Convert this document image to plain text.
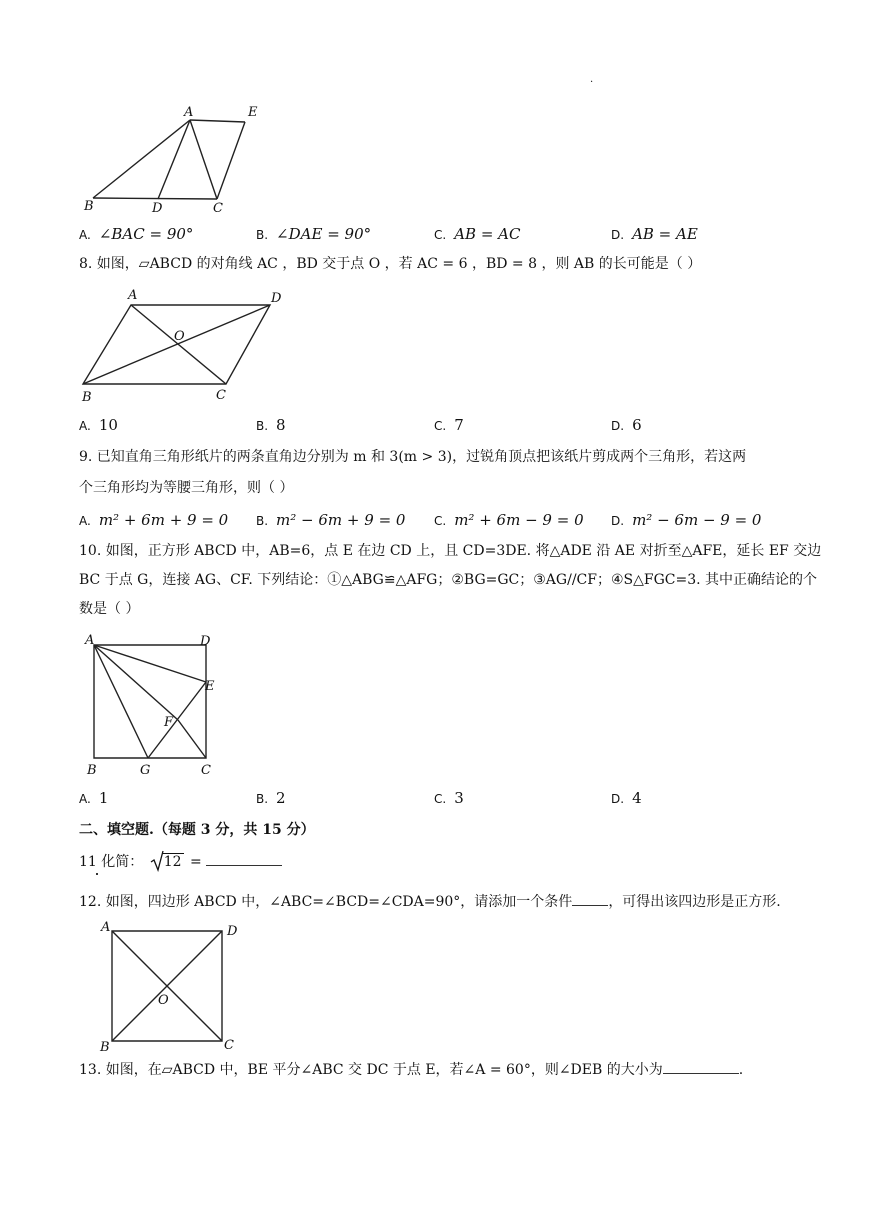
.
A	E
B	D	C
A. ∠BAC = 90°	B. ∠DAE = 90°	C. AB = AC	D. AB = AE
8. 如图，▱ABCD 的对角线 AC ，BD 交于点 O ，若 AC = 6 ，BD = 8 ，则 AB 的长可能是（ ）
A	D
O
B	C
A. 10	B. 8	C. 7	D. 6
9. 已知直角三角形纸片的两条直角边分别为 m 和 3(m > 3)，过锐角顶点把该纸片剪成两个三角形，若这两
个三角形均为等腰三角形，则（ ）
A. m² + 6m + 9 = 0 B. m² − 6m + 9 = 0 C. m² + 6m − 9 = 0 D. m² − 6m − 9 = 0
10. 如图，正方形 ABCD 中，AB=6，点 E 在边 CD 上，且 CD=3DE. 将△ADE 沿 AE 对折至△AFE，延长 EF 交边
BC 于点 G，连接 AG、CF. 下列结论：①△ABG≌△AFG；②BG=GC；③AG//CF；④S△FGC=3. 其中正确结论的个
数是（ ）
A	D
E
F
B	G	C
A. 1	B. 2	C. 3	D. 4
二、填空题.（每题 3 分，共 15 分）
11 化简： 12 =
12. 如图，四边形 ABCD 中，∠ABC=∠BCD=∠CDA=90°，请添加一个条件	，可得出该四边形是正方形.
A	D
O
B	C
13. 如图，在▱ABCD 中，BE 平分∠ABC 交 DC 于点 E，若∠A = 60°，则∠DEB 的大小为	.
